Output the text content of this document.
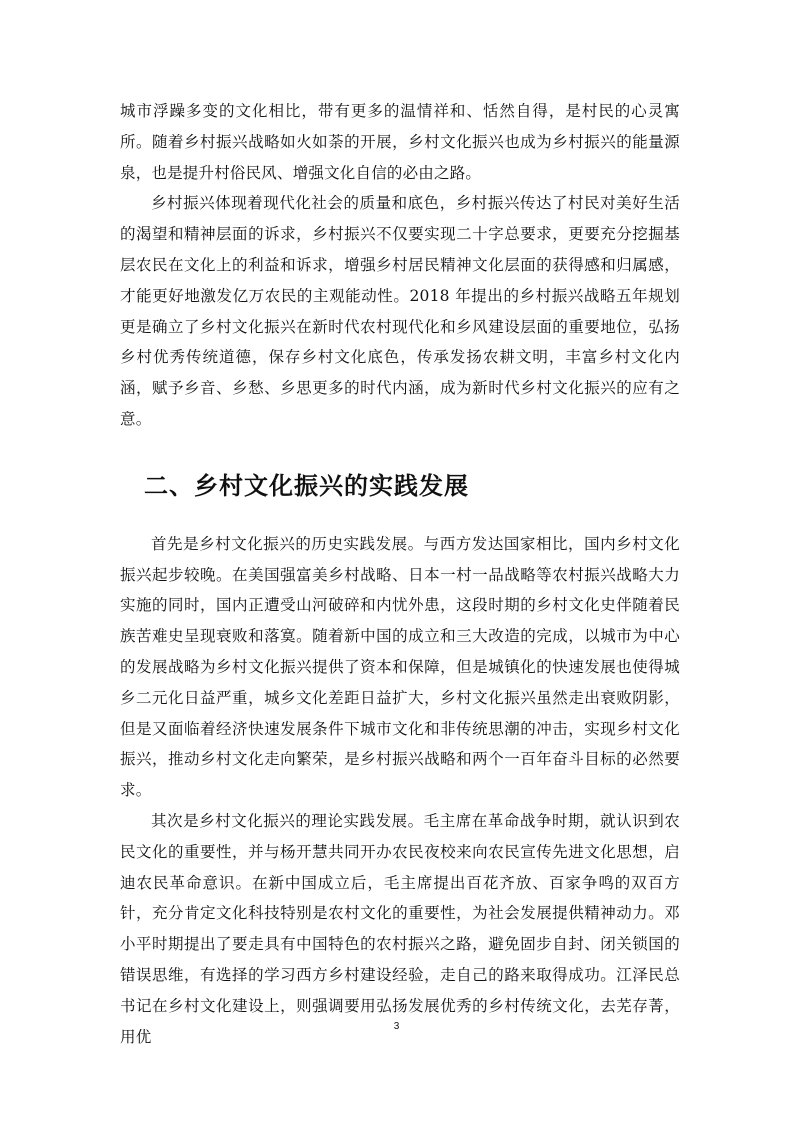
城市浮躁多变的文化相比，带有更多的温情祥和、恬然自得，是村民的心灵寓所。随着乡村振兴战略如火如荼的开展，乡村文化振兴也成为乡村振兴的能量源泉，也是提升村俗民风、增强文化自信的必由之路。

乡村振兴体现着现代化社会的质量和底色，乡村振兴传达了村民对美好生活的渴望和精神层面的诉求，乡村振兴不仅要实现二十字总要求，更要充分挖掘基层农民在文化上的利益和诉求，增强乡村居民精神文化层面的获得感和归属感，才能更好地激发亿万农民的主观能动性。2018 年提出的乡村振兴战略五年规划更是确立了乡村文化振兴在新时代农村现代化和乡风建设层面的重要地位，弘扬乡村优秀传统道德，保存乡村文化底色，传承发扬农耕文明，丰富乡村文化内涵，赋予乡音、乡愁、乡思更多的时代内涵，成为新时代乡村文化振兴的应有之意。

二、乡村文化振兴的实践发展

首先是乡村文化振兴的历史实践发展。与西方发达国家相比，国内乡村文化振兴起步较晚。在美国强富美乡村战略、日本一村一品战略等农村振兴战略大力实施的同时，国内正遭受山河破碎和内忧外患，这段时期的乡村文化史伴随着民族苦难史呈现衰败和落寞。随着新中国的成立和三大改造的完成，以城市为中心的发展战略为乡村文化振兴提供了资本和保障，但是城镇化的快速发展也使得城乡二元化日益严重，城乡文化差距日益扩大，乡村文化振兴虽然走出衰败阴影，但是又面临着经济快速发展条件下城市文化和非传统思潮的冲击，实现乡村文化振兴，推动乡村文化走向繁荣，是乡村振兴战略和两个一百年奋斗目标的必然要求。

其次是乡村文化振兴的理论实践发展。毛主席在革命战争时期，就认识到农民文化的重要性，并与杨开慧共同开办农民夜校来向农民宣传先进文化思想，启迪农民革命意识。在新中国成立后，毛主席提出百花齐放、百家争鸣的双百方针，充分肯定文化科技特别是农村文化的重要性，为社会发展提供精神动力。邓小平时期提出了要走具有中国特色的农村振兴之路，避免固步自封、闭关锁国的错误思维，有选择的学习西方乡村建设经验，走自己的路来取得成功。江泽民总书记在乡村文化建设上，则强调要用弘扬发展优秀的乡村传统文化，去芜存菁，用优

3
